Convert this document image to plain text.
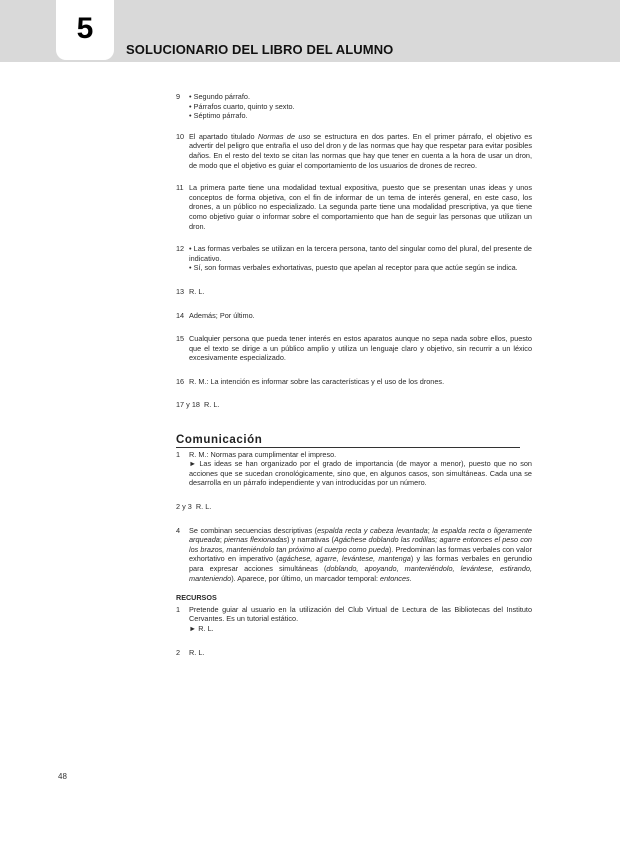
5
SOLUCIONARIO DEL LIBRO DEL ALUMNO
9 • Segundo párrafo.

• Párrafos cuarto, quinto y sexto.

• Séptimo párrafo.

10 El apartado titulado Normas de uso se estructura en dos partes. En el primer párrafo, el objetivo es advertir del peligro que entraña el uso del dron y de las normas que hay que respetar para evitar posibles daños. En el resto del texto se citan las normas que hay que tener en cuenta a la hora de usar un dron, de modo que el objetivo es guiar el comportamiento de los usuarios de drones de recreo.

11 La primera parte tiene una modalidad textual expositiva, puesto que se presentan unas ideas y unos conceptos de forma objetiva, con el fin de informar de un tema de interés general, en este caso, los drones, a un público no especializado. La segunda parte tiene una modalidad prescriptiva, ya que tiene como objetivo guiar o informar sobre el comportamiento que han de seguir las personas que utilizan un dron.

12 • Las formas verbales se utilizan en la tercera persona, tanto del singular como del plural, del presente de indicativo.

• Sí, son formas verbales exhortativas, puesto que apelan al receptor para que actúe según se indica.

13 R. L.

14 Además; Por último.

15 Cualquier persona que pueda tener interés en estos aparatos aunque no sepa nada sobre ellos, puesto que el texto se dirige a un público amplio y utiliza un lenguaje claro y objetivo, sin recurrir a un léxico excesivamente especializado.

16 R. M.: La intención es informar sobre las características y el uso de los drones.

17 y 18 R. L.
Comunicación
1 R. M.: Normas para cumplimentar el impreso.

► Las ideas se han organizado por el grado de importancia (de mayor a menor), puesto que no son acciones que se sucedan cronológicamente, sino que, en algunos casos, son simultáneas. Cada una se desarrolla en un párrafo independiente y van introducidas por un número.

2 y 3 R. L.
4 Se combinan secuencias descriptivas (espalda recta y cabeza levantada; la espalda recta o ligeramente arqueada; piernas flexionadas) y narrativas (Agáchese doblando las rodillas; agarre entonces el peso con los brazos, manteniéndolo tan próximo al cuerpo como pueda). Predominan las formas verbales con valor exhortativo en imperativo (agáchese, agarre, levántese, mantenga) y las formas verbales en gerundio para expresar acciones simultáneas (doblando, apoyando, manteniéndolo, levántese, estirando, manteniendo). Aparece, por último, un marcador temporal: entonces.

RECURSOS
1 Pretende guiar al usuario en la utilización del Club Virtual de Lectura de las Bibliotecas del Instituto Cervantes. Es un tutorial estático.

► R. L.

2 R. L.

48
